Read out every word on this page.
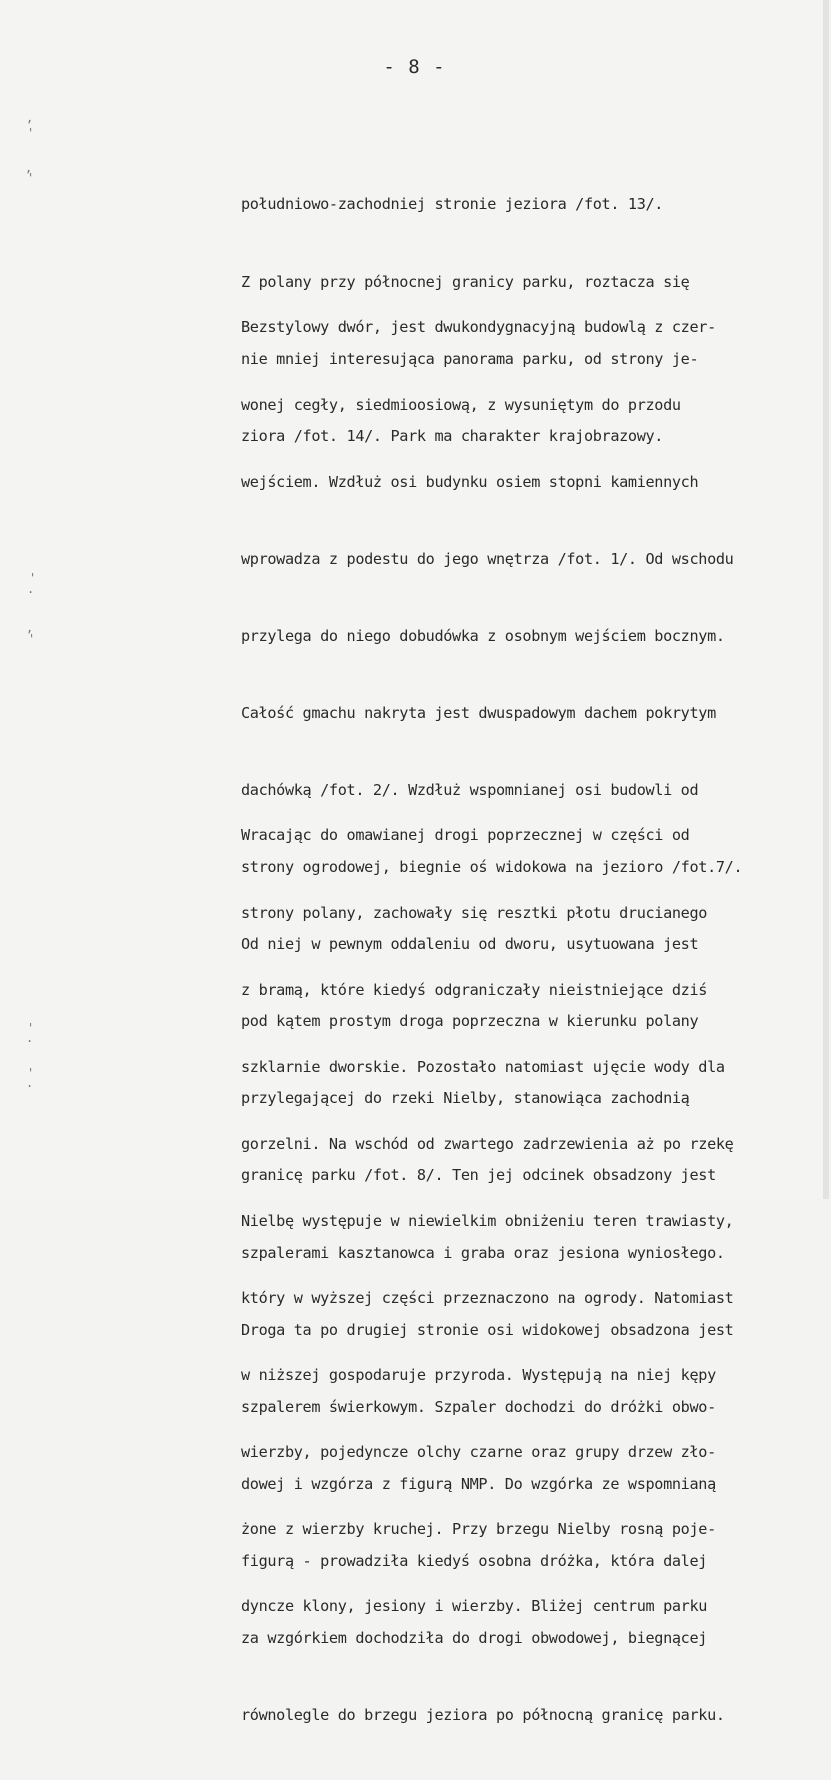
- 8 -
,
'
,
'
'
.
,
'
'
.
'
.

południowo-zachodniej stronie jeziora /fot. 13/.

Z polany przy północnej granicy parku, roztacza się

nie mniej interesująca panorama parku, od strony je-

ziora /fot. 14/. Park ma charakter krajobrazowy.

Bezstylowy dwór, jest dwukondygnacyjną budowlą z czer-

wonej cegły, siedmioosiową, z wysuniętym do przodu

wejściem. Wzdłuż osi budynku osiem stopni kamiennych

wprowadza z podestu do jego wnętrza /fot. 1/. Od wschodu

przylega do niego dobudówka z osobnym wejściem bocznym.

Całość gmachu nakryta jest dwuspadowym dachem pokrytym

dachówką /fot. 2/. Wzdłuż wspomnianej osi budowli od

strony ogrodowej, biegnie oś widokowa na jezioro /fot.7/.

Od niej w pewnym oddaleniu od dworu, usytuowana jest

pod kątem prostym droga poprzeczna w kierunku polany

przylegającej do rzeki Nielby, stanowiąca zachodnią

granicę parku /fot. 8/. Ten jej odcinek obsadzony jest

szpalerami kasztanowca i graba oraz jesiona wyniosłego.

Droga ta po drugiej stronie osi widokowej obsadzona jest

szpalerem świerkowym. Szpaler dochodzi do dróżki obwo-

dowej i wzgórza z figurą NMP. Do wzgórka ze wspomnianą

figurą - prowadziła kiedyś osobna dróżka, która dalej

za wzgórkiem dochodziła do drogi obwodowej, biegnącej

równolegle do brzegu jeziora po północną granicę parku.

Wracając do omawianej drogi poprzecznej w części od

strony polany, zachowały się resztki płotu drucianego

z bramą, które kiedyś odgraniczały nieistniejące dziś

szklarnie dworskie. Pozostało natomiast ujęcie wody dla

gorzelni. Na wschód od zwartego zadrzewienia aż po rzekę

Nielbę występuje w niewielkim obniżeniu teren trawiasty,

który w wyższej części przeznaczono na ogrody. Natomiast

w niższej gospodaruje przyroda. Występują na niej kępy

wierzby, pojedyncze olchy czarne oraz grupy drzew zło-

żone z wierzby kruchej. Przy brzegu Nielby rosną poje-

dyncze klony, jesiony i wierzby. Bliżej centrum parku
